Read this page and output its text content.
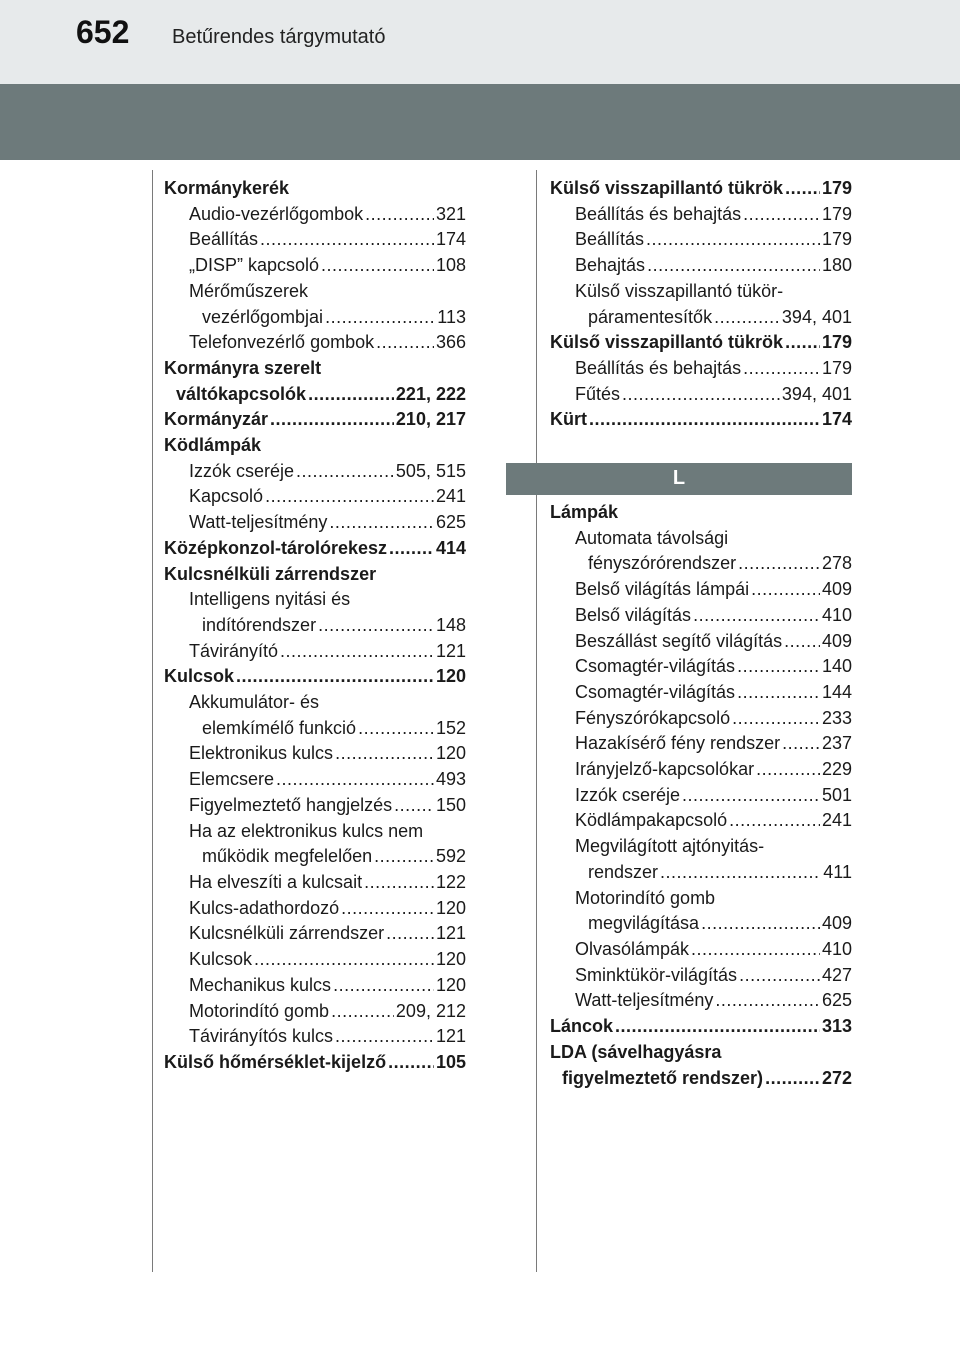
652 Betűrendes tárgymutató
Kormánykerék
Audio-vezérlőgombok .....	321
Beállítás .....	174
„DISP” kapcsoló .....	108
Mérőműszerek
vezérlőgombjai .....	113
Telefonvezérlő gombok .....	366
Kormányra szerelt
váltókapcsolók .....	221, 222
Kormányzár .....	210, 217
Ködlámpák
Izzók cseréje .....	505, 515
Kapcsoló .....	241
Watt-teljesítmény .....	625
Középkonzol-tárolórekesz .....	414
Kulcsnélküli zárrendszer
Intelligens nyitási és
indítórendszer .....	148
Távirányító .....	121
Kulcsok .....	120
Akkumulátor- és
elemkímélő funkció .....	152
Elektronikus kulcs .....	120
Elemcsere .....	493
Figyelmeztető hangjelzés ..... 150
Ha az elektronikus kulcs nem
működik megfelelően .....	592
Ha elveszíti a kulcsait .....	122
Kulcs-adathordozó .....	120
Kulcsnélküli zárrendszer .....	121
Kulcsok .....	120
Mechanikus kulcs .....	120
Motorindító gomb .....	209, 212
Távirányítós kulcs .....	121
Külső hőmérséklet-kijelző .....	105
Külső visszapillantó tükrök ..... 179
Beállítás és behajtás .....	179
Beállítás .....	179
Behajtás .....	180
Külső visszapillantó tükör-
páramentesítők .....	394, 401
Külső visszapillantó tükrök ..... 179
Beállítás és behajtás .....	179
Fűtés .....	394, 401
Kürt .....	174
L
Lámpák
Automata távolsági
fényszórórendszer .....	278
Belső világítás lámpái .....	409
Belső világítás .....	410
Beszállást segítő világítás ..... 409
Csomagtér-világítás .....	140
Csomagtér-világítás .....	144
Fényszórókapcsoló .....	233
Hazakísérő fény rendszer ..... 237
Irányjelző-kapcsolókar .....	229
Izzók cseréje .....	501
Ködlámpakapcsoló .....	241
Megvilágított ajtónyitás-
rendszer .....	411
Motorindító gomb
megvilágítása .....	409
Olvasólámpák .....	410
Sminktükör-világítás .....	427
Watt-teljesítmény .....	625
Láncok .....	313
LDA (sávelhagyásra
figyelmeztető rendszer) .....	272
